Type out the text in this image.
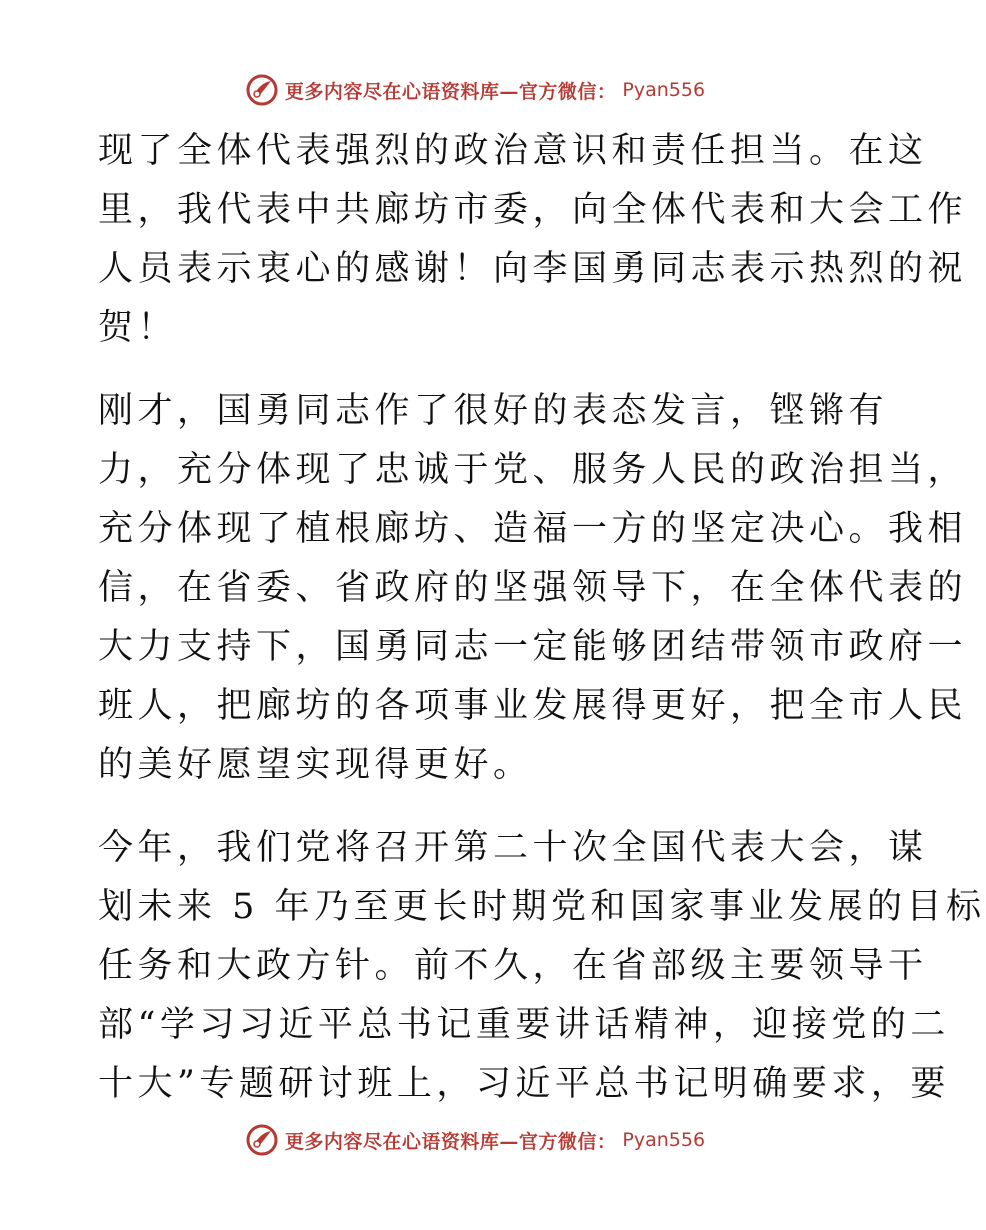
更多内容尽在心语资料库—官方微信： Pyan556
现了全体代表强烈的政治意识和责任担当。在这
里，我代表中共廊坊市委，向全体代表和大会工作
人员表示衷心的感谢！向李国勇同志表示热烈的祝
贺！
刚才，国勇同志作了很好的表态发言，铿锵有
力，充分体现了忠诚于党、服务人民的政治担当，
充分体现了植根廊坊、造福一方的坚定决心。我相
信，在省委、省政府的坚强领导下，在全体代表的
大力支持下，国勇同志一定能够团结带领市政府一
班人，把廊坊的各项事业发展得更好，把全市人民
的美好愿望实现得更好。
今年，我们党将召开第二十次全国代表大会，谋
划未来 5 年乃至更长时期党和国家事业发展的目标
任务和大政方针。前不久，在省部级主要领导干
部“学习习近平总书记重要讲话精神，迎接党的二
十大”专题研讨班上，习近平总书记明确要求，要
更多内容尽在心语资料库—官方微信： Pyan556
